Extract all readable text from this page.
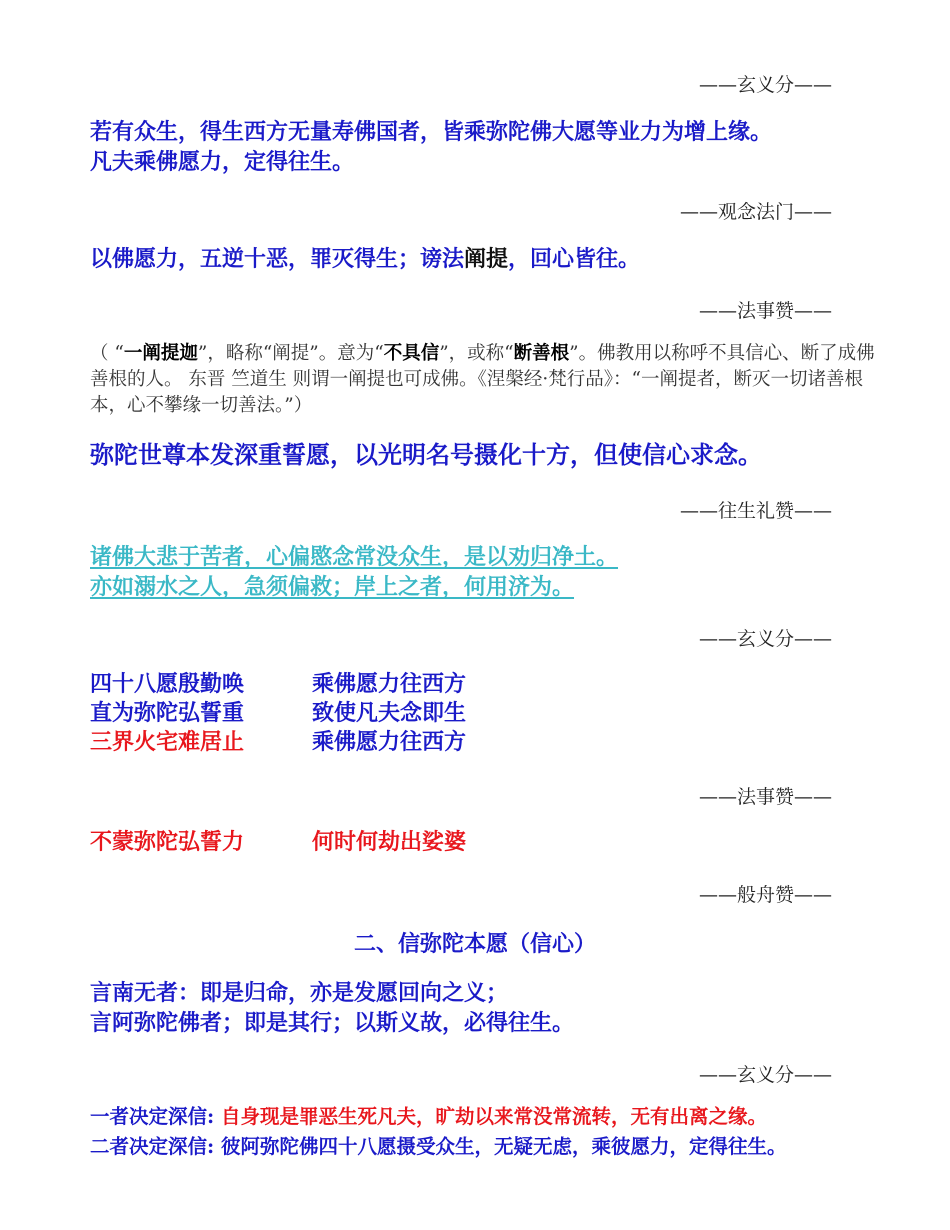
——玄义分——

若有众生，得生西方无量寿佛国者，皆乘弥陀佛大愿等业力为增上缘。
凡夫乘佛愿力，定得往生。

——观念法门——

以佛愿力，五逆十恶，罪灭得生；谤法阐提，回心皆往。

——法事赞——

（ “一阐提迦”，略称“阐提”。意为“不具信”，或称“断善根”。佛教用以称呼不具信心、断了成佛善根的人。 东晋 竺道生 则谓一阐提也可成佛。《涅槃经·梵行品》：“一阐提者，断灭一切诸善根本，心不攀缘一切善法。”）
弥陀世尊本发深重誓愿，以光明名号摄化十方，但使信心求念。

——往生礼赞——

诸佛大悲于苦者，心偏愍念常没众生，是以劝归净土。
亦如溺水之人，急须偏救；岸上之者，何用济为。

——玄义分——

四十八愿殷勤唤	乘佛愿力往西方
直为弥陀弘誓重	致使凡夫念即生
三界火宅难居止	乘佛愿力往西方

——法事赞——

不蒙弥陀弘誓力	何时何劫出娑婆

——般舟赞——

二、信弥陀本愿（信心）

言南无者：即是归命，亦是发愿回向之义；
言阿弥陀佛者；即是其行；以斯义故，必得往生。

——玄义分——

一者决定深信: 自身现是罪恶生死凡夫，旷劫以来常没常流转，无有出离之缘。
二者决定深信: 彼阿弥陀佛四十八愿摄受众生，无疑无虑，乘彼愿力，定得往生。
